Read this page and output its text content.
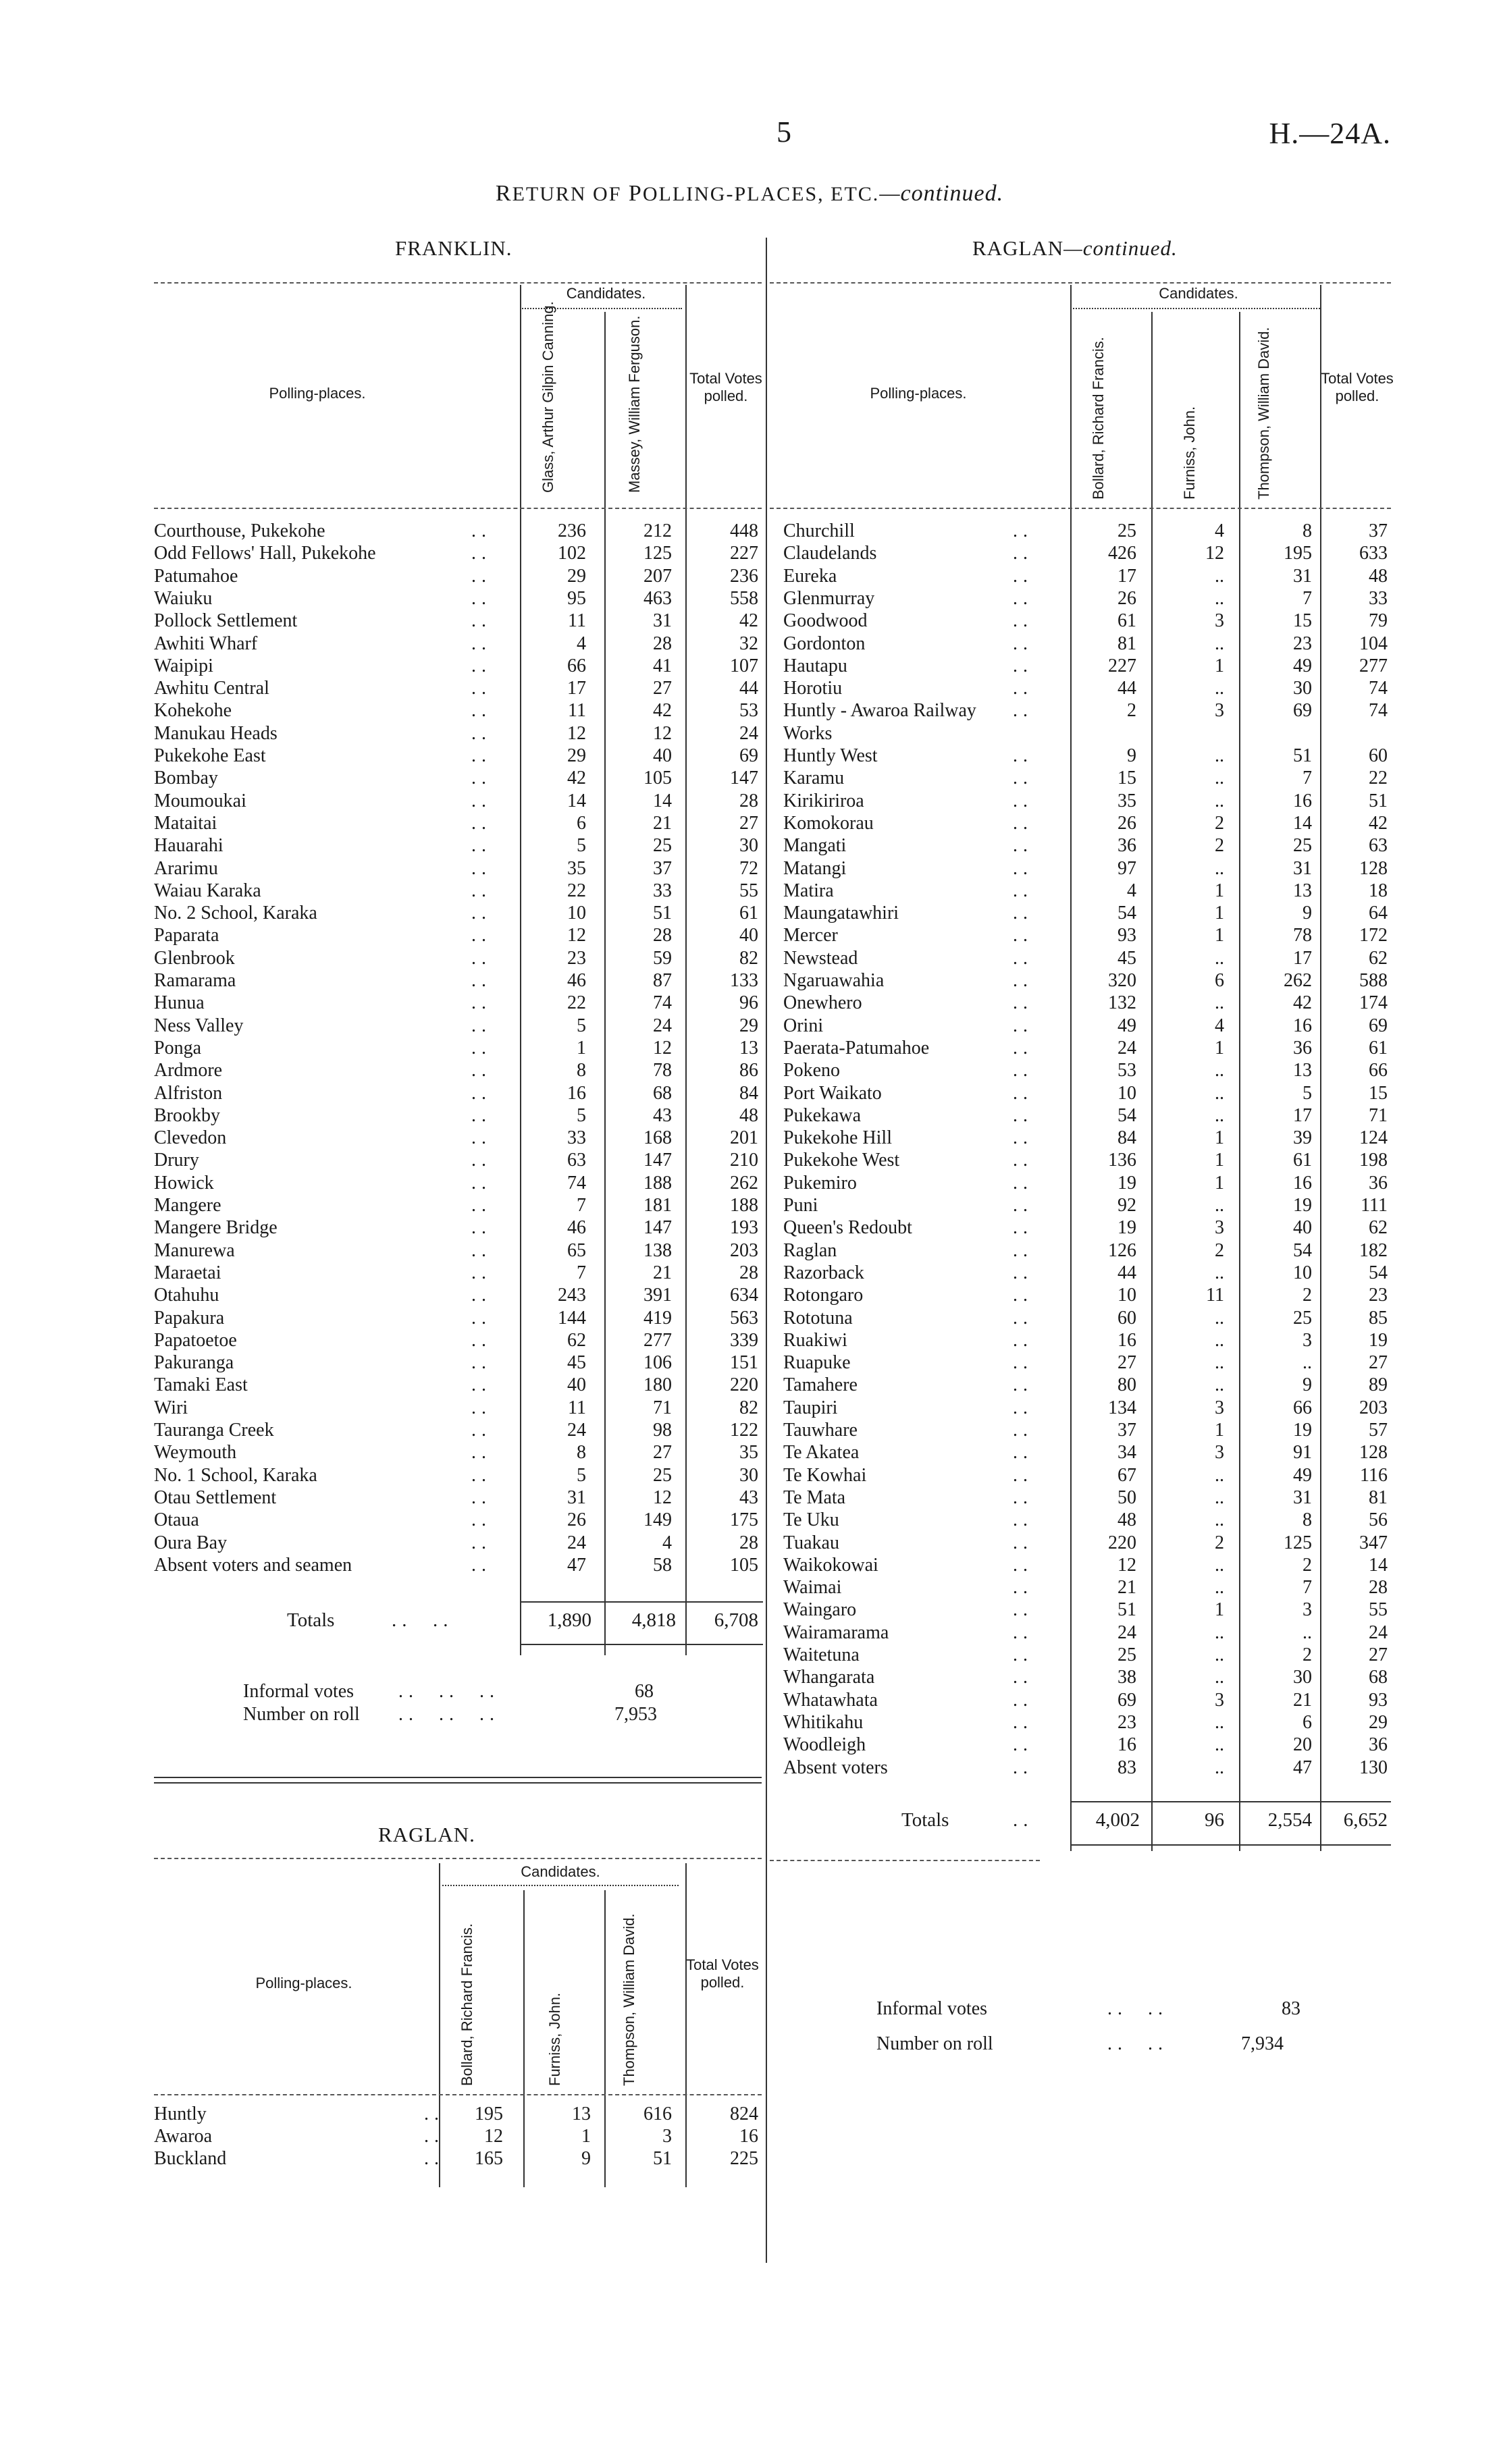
5	H.—24A.
RETURN OF POLLING-PLACES, ETC.—continued.
FRANKLIN.
Candidates.
Polling-places.	Glass, Arthur Gilpin Canning.	Massey, William Ferguson.	Total Votes polled.
Courthouse, Pukekohe	..	236	212	448
Odd Fellows' Hall, Pukekohe	..	102	125	227
Patumahoe	..	29	207	236
Waiuku	..	95	463	558
Pollock Settlement	..	11	31	42
Awhiti Wharf	..	4	28	32
Waipipi	..	66	41	107
Awhitu Central	..	17	27	44
Kohekohe	..	11	42	53
Manukau Heads	..	12	12	24
Pukekohe East	..	29	40	69
Bombay	..	42	105	147
Moumoukai	..	14	14	28
Mataitai	..	6	21	27
Hauarahi	..	5	25	30
Ararimu	..	35	37	72
Waiau Karaka	..	22	33	55
No. 2 School, Karaka	..	10	51	61
Paparata	..	12	28	40
Glenbrook	..	23	59	82
Ramarama	..	46	87	133
Hunua	..	22	74	96
Ness Valley	..	5	24	29
Ponga	..	1	12	13
Ardmore	..	8	78	86
Alfriston	..	16	68	84
Brookby	..	5	43	48
Clevedon	..	33	168	201
Drury	..	63	147	210
Howick	..	74	188	262
Mangere	..	7	181	188
Mangere Bridge	..	46	147	193
Manurewa	..	65	138	203
Maraetai	..	7	21	28
Otahuhu	..	243	391	634
Papakura	..	144	419	563
Papatoetoe	..	62	277	339
Pakuranga	..	45	106	151
Tamaki East	..	40	180	220
Wiri	..	11	71	82
Tauranga Creek	..	24	98	122
Weymouth	..	8	27	35
No. 1 School, Karaka	..	5	25	30
Otau Settlement	..	31	12	43
Otaua	..	26	149	175
Oura Bay	..	24	4	28
Absent voters and seamen	..	47	58	105
Totals	..  ..	1,890	4,818	6,708
Informal votes ..  ..  ..	68
Number on roll ..  ..  ..	7,953
RAGLAN.
Candidates.
Polling-places.	Bollard, Richard Francis.	Furniss, John.	Thompson, William David.	Total Votes polled.
Huntly	..	195	13	616	824
Awaroa	..	12	1	3	16
Buckland	..	165	9	51	225
RAGLAN—continued.
Candidates.
Polling-places.	Bollard, Richard Francis.	Furniss, John.	Thompson, William David.	Total Votes polled.
Churchill	..	25	4	8	37
Claudelands	..	426	12	195	633
Eureka	..	17	..	31	48
Glenmurray	..	26	..	7	33
Goodwood	..	61	3	15	79
Gordonton	..	81	..	23	104
Hautapu	..	227	1	49	277
Horotiu	..	44	..	30	74
Huntly - Awaroa Railway ..	2	3	69	74
Works
Huntly West	..	9	..	51	60
Karamu	..	15	..	7	22
Kirikiriroa	..	35	..	16	51
Komokorau	..	26	2	14	42
Mangati	..	36	2	25	63
Matangi	..	97	..	31	128
Matira	..	4	1	13	18
Maungatawhiri	..	54	1	9	64
Mercer	..	93	1	78	172
Newstead	..	45	..	17	62
Ngaruawahia	..	320	6	262	588
Onewhero	..	132	..	42	174
Orini	..	49	4	16	69
Paerata-Patumahoe	..	24	1	36	61
Pokeno	..	53	..	13	66
Port Waikato	..	10	..	5	15
Pukekawa	..	54	..	17	71
Pukekohe Hill	..	84	1	39	124
Pukekohe West	..	136	1	61	198
Pukemiro	..	19	1	16	36
Puni	..	92	..	19	111
Queen's Redoubt	..	19	3	40	62
Raglan	..	126	2	54	182
Razorback	..	44	..	10	54
Rotongaro	..	10	11	2	23
Rototuna	..	60	..	25	85
Ruakiwi	..	16	..	3	19
Ruapuke	..	27	..	..	27
Tamahere	..	80	..	9	89
Taupiri	..	134	3	66	203
Tauwhare	..	37	1	19	57
Te Akatea	..	34	3	91	128
Te Kowhai	..	67	..	49	116
Te Mata	..	50	..	31	81
Te Uku	..	48	..	8	56
Tuakau	..	220	2	125	347
Waikokowai	..	12	..	2	14
Waimai	..	21	..	7	28
Waingaro	..	51	1	3	55
Wairamarama	..	24	..	..	24
Waitetuna	..	25	..	2	27
Whangarata	..	38	..	30	68
Whatawhata	..	69	3	21	93
Whitikahu	..	23	..	6	29
Woodleigh	..	16	..	20	36
Absent voters	..	83	..	47	130
Totals	..	4,002	96	2,554	6,652
Informal votes	..  ..	83
Number on roll	..  ..	7,934
